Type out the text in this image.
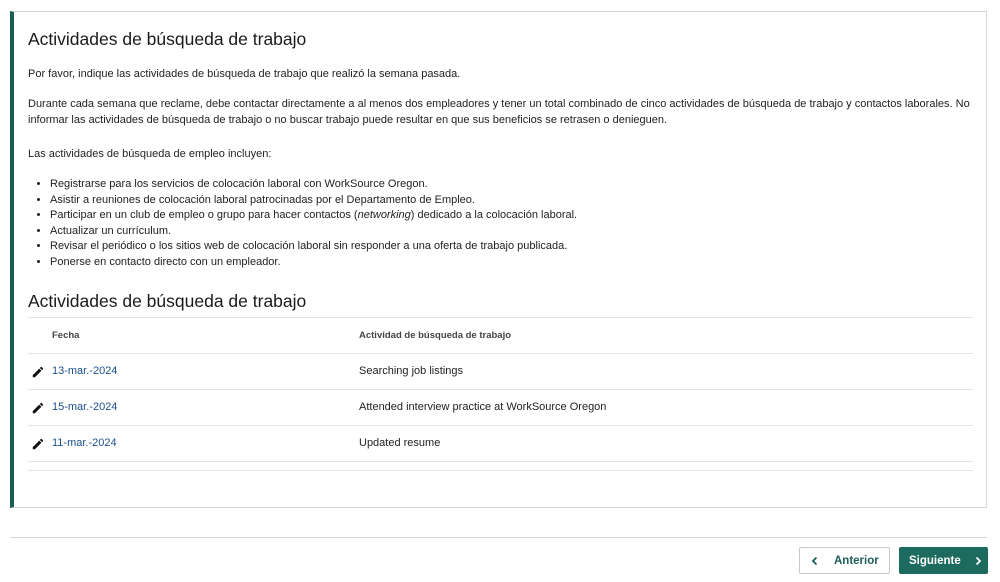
Actividades de búsqueda de trabajo

Por favor, indique las actividades de búsqueda de trabajo que realizó la semana pasada.

Durante cada semana que reclame, debe contactar directamente a al menos dos empleadores y tener un total combinado de cinco actividades de búsqueda de trabajo y contactos laborales. No informar las actividades de búsqueda de trabajo o no buscar trabajo puede resultar en que sus beneficios se retrasen o denieguen.

Las actividades de búsqueda de empleo incluyen:

• Registrarse para los servicios de colocación laboral con WorkSource Oregon.
• Asistir a reuniones de colocación laboral patrocinadas por el Departamento de Empleo.
• Participar en un club de empleo o grupo para hacer contactos (networking) dedicado a la colocación laboral.
• Actualizar un currículum.
• Revisar el periódico o los sitios web de colocación laboral sin responder a una oferta de trabajo publicada.
• Ponerse en contacto directo con un empleador.
Actividades de búsqueda de trabajo
Fecha	Actividad de búsqueda de trabajo
13-mar.-2024	Searching job listings
15-mar.-2024	Attended interview practice at WorkSource Oregon
11-mar.-2024	Updated resume
Anterior	Siguiente
